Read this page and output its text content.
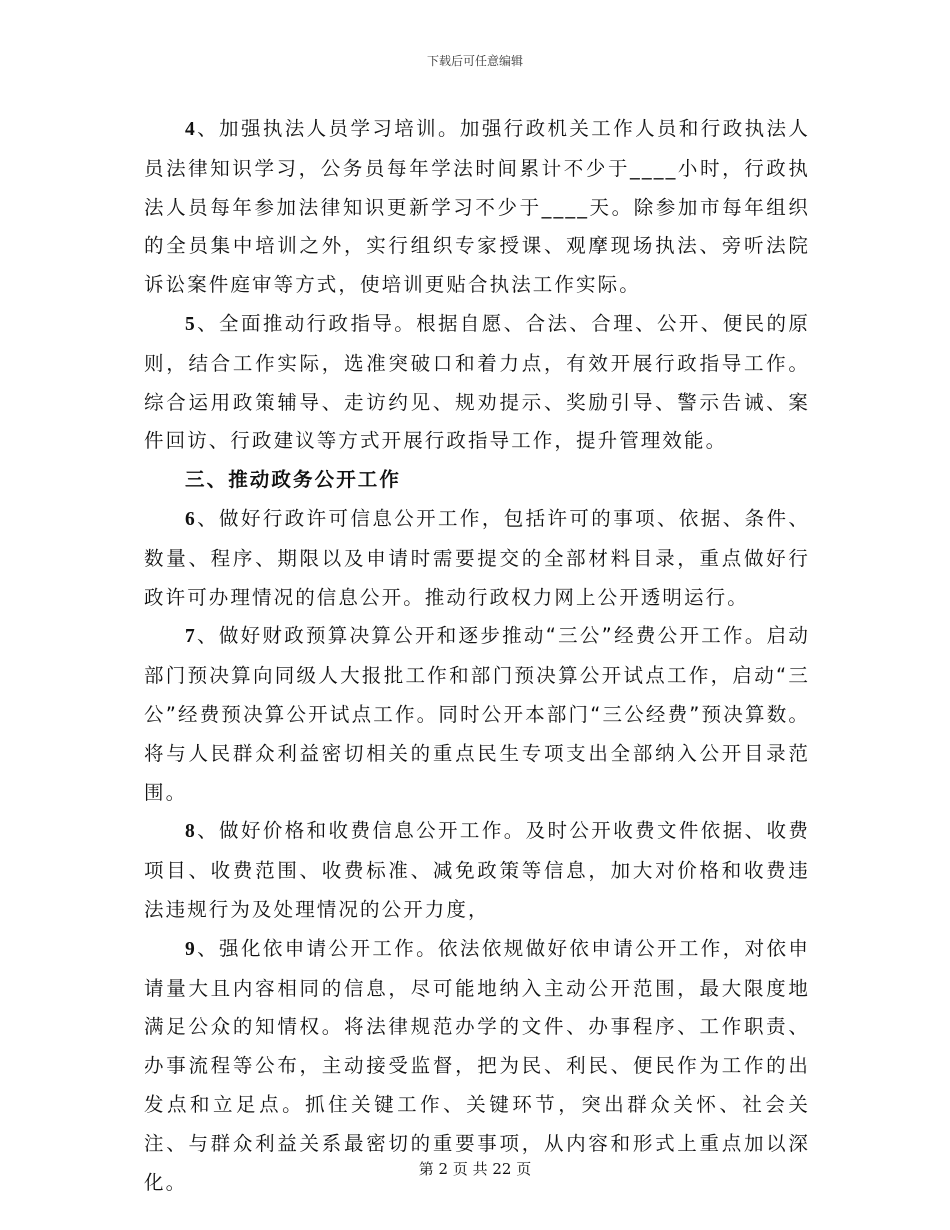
下载后可任意编辑

4、加强执法人员学习培训。加强行政机关工作人员和行政执法人员法律知识学习，公务员每年学法时间累计不少于____小时，行政执法人员每年参加法律知识更新学习不少于____天。除参加市每年组织的全员集中培训之外，实行组织专家授课、观摩现场执法、旁听法院诉讼案件庭审等方式，使培训更贴合执法工作实际。

5、全面推动行政指导。根据自愿、合法、合理、公开、便民的原则，结合工作实际，选准突破口和着力点，有效开展行政指导工作。综合运用政策辅导、走访约见、规劝提示、奖励引导、警示告诫、案件回访、行政建议等方式开展行政指导工作，提升管理效能。

三、推动政务公开工作

6、做好行政许可信息公开工作，包括许可的事项、依据、条件、数量、程序、期限以及申请时需要提交的全部材料目录，重点做好行政许可办理情况的信息公开。推动行政权力网上公开透明运行。

7、做好财政预算决算公开和逐步推动“三公”经费公开工作。启动部门预决算向同级人大报批工作和部门预决算公开试点工作，启动“三公”经费预决算公开试点工作。同时公开本部门“三公经费”预决算数。将与人民群众利益密切相关的重点民生专项支出全部纳入公开目录范围。

8、做好价格和收费信息公开工作。及时公开收费文件依据、收费项目、收费范围、收费标准、减免政策等信息，加大对价格和收费违法违规行为及处理情况的公开力度，

9、强化依申请公开工作。依法依规做好依申请公开工作，对依申请量大且内容相同的信息，尽可能地纳入主动公开范围，最大限度地满足公众的知情权。将法律规范办学的文件、办事程序、工作职责、办事流程等公布，主动接受监督，把为民、利民、便民作为工作的出发点和立足点。抓住关键工作、关键环节，突出群众关怀、社会关注、与群众利益关系最密切的重要事项，从内容和形式上重点加以深化。

第 2 页 共 22 页
